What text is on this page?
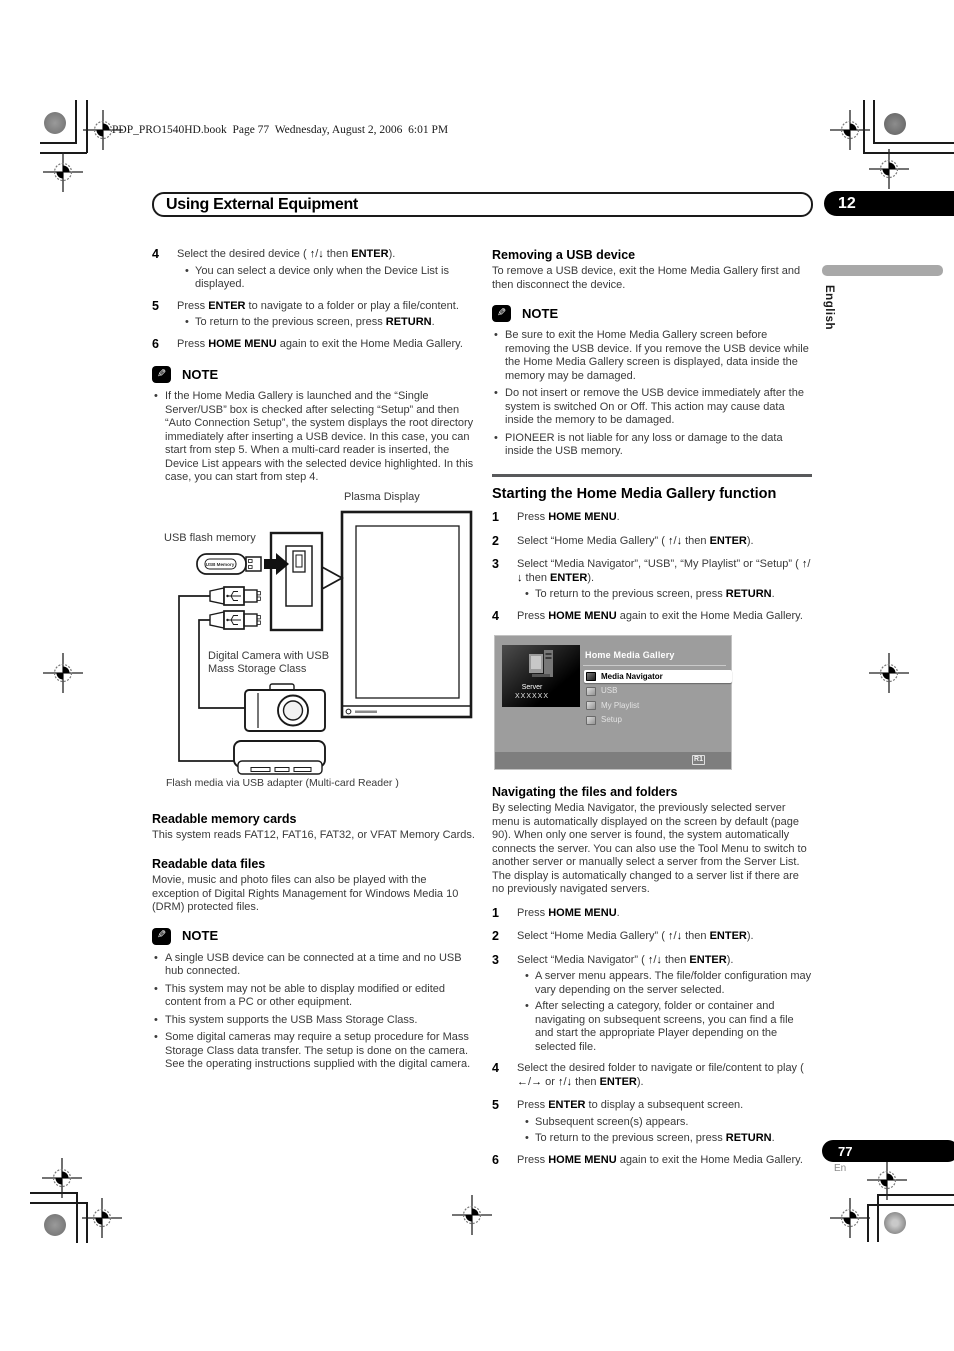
PDP_PRO1540HD.book  Page 77  Wednesday, August 2, 2006  6:01 PM
Using External Equipment	12
English
77
En
4	Select the desired device ( ↑/↓ then ENTER).
• You can select a device only when the Device List is displayed.
5	Press ENTER to navigate to a folder or play a file/content.
• To return to the previous screen, press RETURN.
6	Press HOME MENU again to exit the Home Media Gallery.
✎
NOTE
• If the Home Media Gallery is launched and the “Single Server/USB” box is checked after selecting “Setup” and then “Auto Connection Setup”, the system displays the root directory immediately after inserting a USB device. In this case, you can start from step 5. When a multi-card reader is inserted, the Device List appears with the selected device highlighted. In this case, you can start from step 4.
USB Memory
Plasma Display
USB flash memory
Digital Camera with USB Mass Storage Class
Flash media via USB adapter (Multi-card Reader )
Readable memory cards

This system reads FAT12, FAT16, FAT32, or VFAT Memory Cards.

Readable data files

Movie, music and photo files can also be played with the exception of Digital Rights Management for Windows Media 10 (DRM) protected files.

✎
NOTE
• A single USB device can be connected at a time and no USB hub connected.
• This system may not be able to display modified or edited content from a PC or other equipment.
• This system supports the USB Mass Storage Class.
• Some digital cameras may require a setup procedure for Mass Storage Class data transfer. The setup is done on the camera. See the operating instructions supplied with the digital camera.
Removing a USB device

To remove a USB device, exit the Home Media Gallery first and then disconnect the device.

✎
NOTE
• Be sure to exit the Home Media Gallery screen before removing the USB device. If you remove the USB device while the Home Media Gallery screen is displayed, data inside the memory may be damaged.
• Do not insert or remove the USB device immediately after the system is switched On or Off. This action may cause data inside the memory to be damaged.
• PIONEER is not liable for any loss or damage to the data inside the USB memory.
Starting the Home Media Gallery function
1	Press HOME MENU.
2	Select “Home Media Gallery” ( ↑/↓ then ENTER).
3	Select “Media Navigator”, “USB”, “My Playlist” or “Setup” ( ↑/↓ then ENTER).
• To return to the previous screen, press RETURN.
4	Press HOME MENU again to exit the Home Media Gallery.
Server
XXXXXX
Home Media Gallery
Media Navigator
USB
My Playlist
Setup
R1
Navigating the files and folders

By selecting Media Navigator, the previously selected server menu is automatically displayed on the screen by default (page 90). When only one server is found, the system automatically connects the server. You can also use the Tool Menu to switch to another server or manually select a server from the Server List. The display is automatically changed to a server list if there are no previously navigated servers.

1	Press HOME MENU.
2	Select “Home Media Gallery” ( ↑/↓ then ENTER).
3	Select “Media Navigator” ( ↑/↓ then ENTER).
• A server menu appears. The file/folder configuration may vary depending on the server selected.
• After selecting a category, folder or container and navigating on subsequent screens, you can find a file and start the appropriate Player depending on the selected file.
4	Select the desired folder to navigate or file/content to play ( ←/→ or ↑/↓ then ENTER).
5	Press ENTER to display a subsequent screen.
• Subsequent screen(s) appears.
• To return to the previous screen, press RETURN.
6	Press HOME MENU again to exit the Home Media Gallery.
